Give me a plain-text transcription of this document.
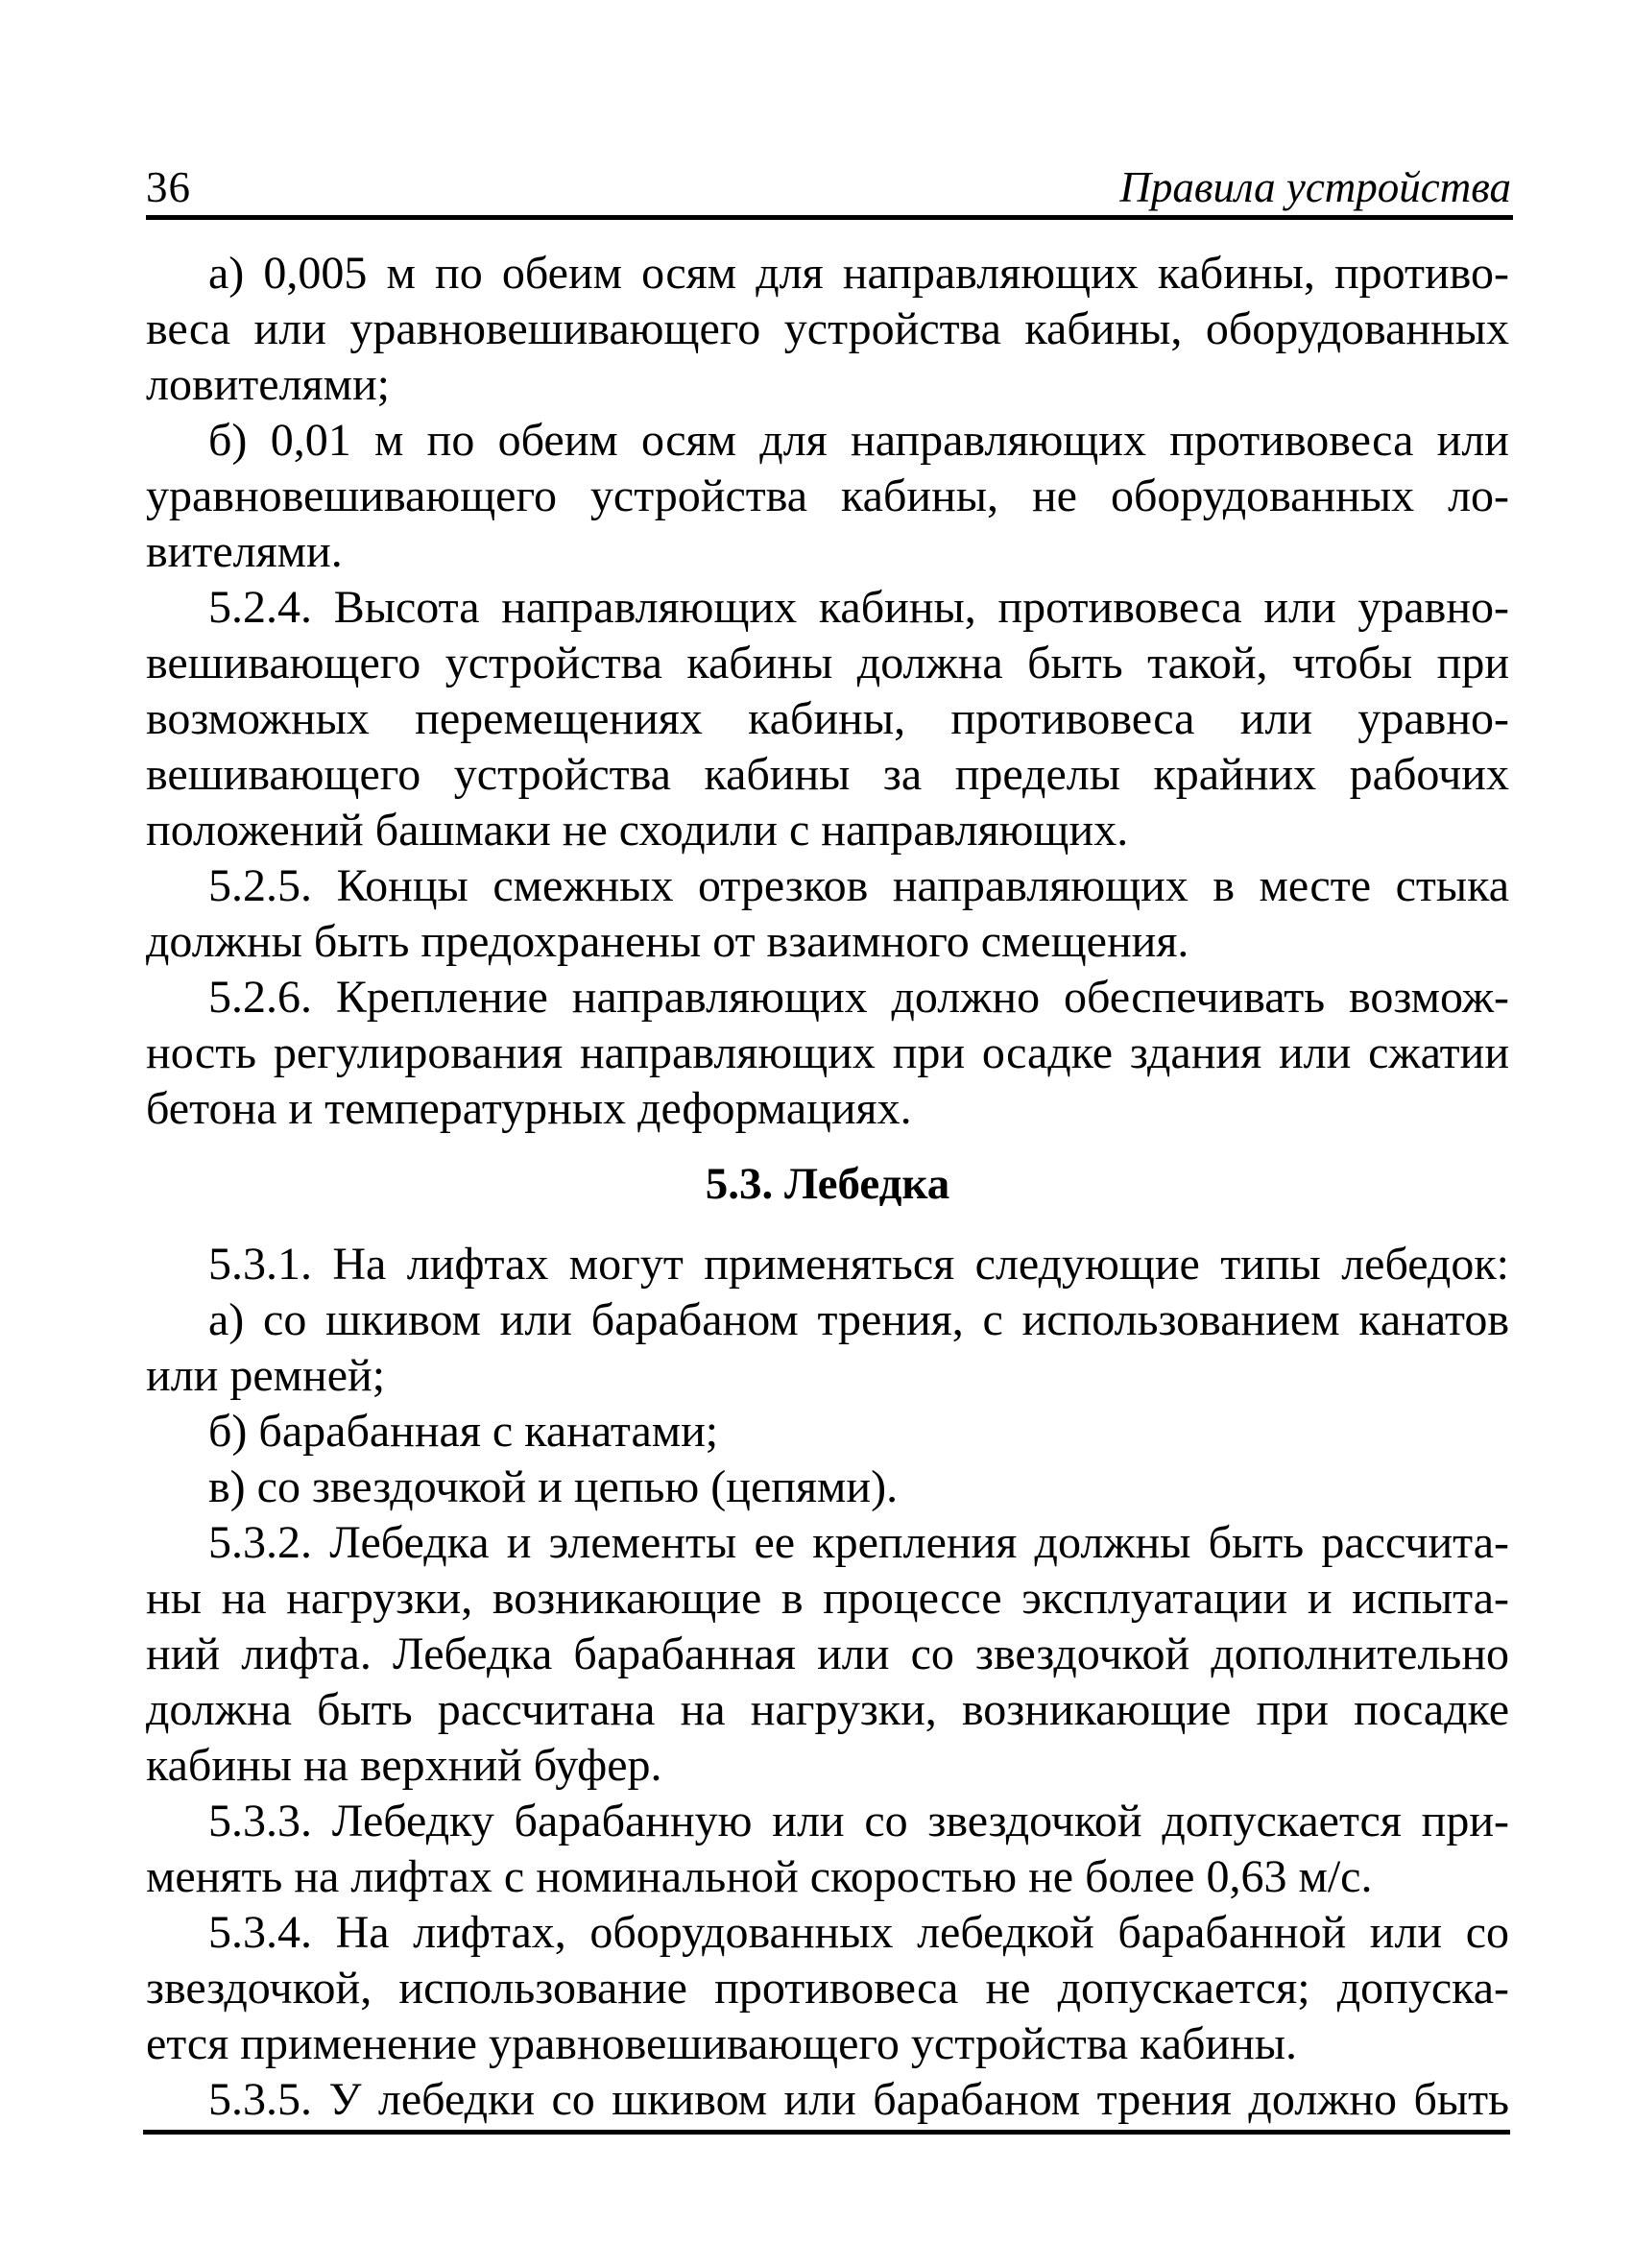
36	Правила устройства

а) 0,005 м по обеим осям для направляющих кабины, противо-
веса или уравновешивающего устройства кабины, оборудованных
ловителями;

б) 0,01 м по обеим осям для направляющих противовеса или
уравновешивающего устройства кабины, не оборудованных ло-
вителями.

5.2.4. Высота направляющих кабины, противовеса или уравно-
вешивающего устройства кабины должна быть такой, чтобы при
возможных перемещениях кабины, противовеса или уравно-
вешивающего устройства кабины за пределы крайних рабочих
положений башмаки не сходили с направляющих.

5.2.5. Концы смежных отрезков направляющих в месте стыка
должны быть предохранены от взаимного смещения.

5.2.6. Крепление направляющих должно обеспечивать возмож-
ность регулирования направляющих при осадке здания или сжатии
бетона и температурных деформациях.

5.3. Лебедка

5.3.1. На лифтах могут применяться следующие типы лебедок:

а) со шкивом или барабаном трения, с использованием канатов
или ремней;

б) барабанная с канатами;

в) со звездочкой и цепью (цепями).

5.3.2. Лебедка и элементы ее крепления должны быть рассчита-
ны на нагрузки, возникающие в процессе эксплуатации и испыта-
ний лифта. Лебедка барабанная или со звездочкой дополнительно
должна быть рассчитана на нагрузки, возникающие при посадке
кабины на верхний буфер.

5.3.3. Лебедку барабанную или со звездочкой допускается при-
менять на лифтах с номинальной скоростью не более 0,63 м/с.

5.3.4. На лифтах, оборудованных лебедкой барабанной или со
звездочкой, использование противовеса не допускается; допуска-
ется применение уравновешивающего устройства кабины.

5.3.5. У лебедки со шкивом или барабаном трения должно быть
